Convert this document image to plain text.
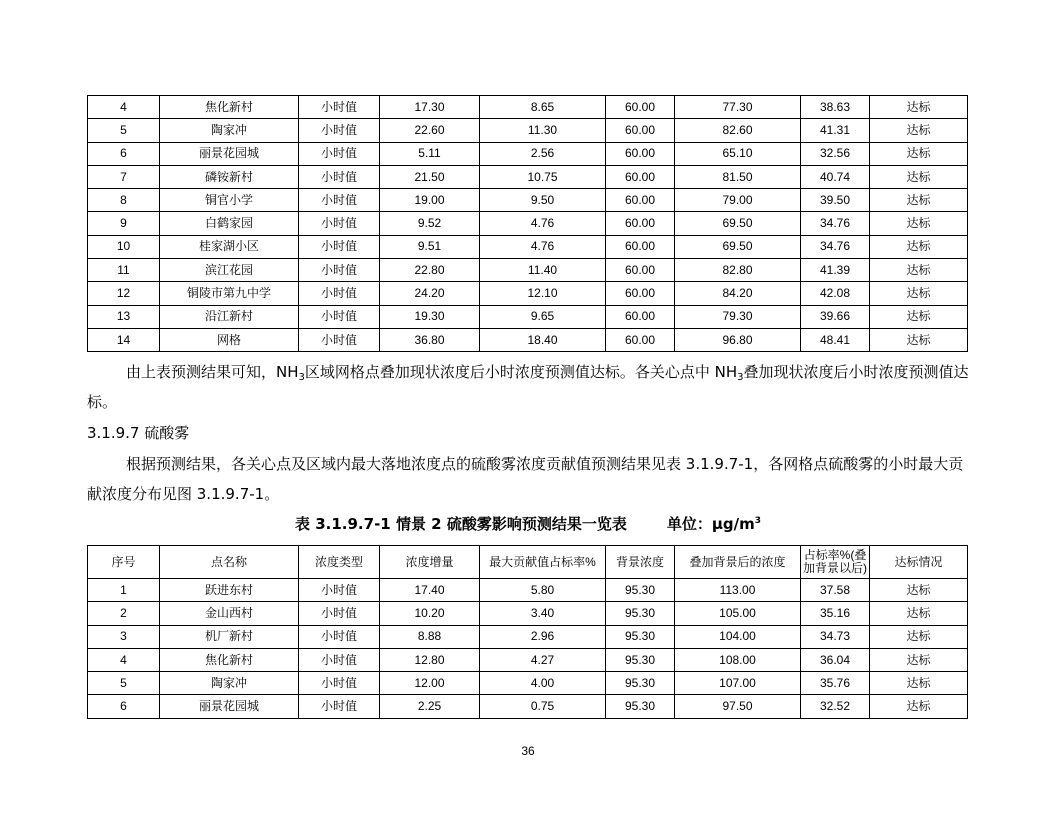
4	焦化新村	小时值	17.30	8.65	60.00	77.30	38.63	达标
5	陶家冲	小时值	22.60	11.30	60.00	82.60	41.31	达标
6	丽景花园城	小时值	5.11	2.56	60.00	65.10	32.56	达标
7	磷铵新村	小时值	21.50	10.75	60.00	81.50	40.74	达标
8	铜官小学	小时值	19.00	9.50	60.00	79.00	39.50	达标
9	白鹤家园	小时值	9.52	4.76	60.00	69.50	34.76	达标
10	桂家湖小区	小时值	9.51	4.76	60.00	69.50	34.76	达标
11	滨江花园	小时值	22.80	11.40	60.00	82.80	41.39	达标
12	铜陵市第九中学	小时值	24.20	12.10	60.00	84.20	42.08	达标
13	沿江新村	小时值	19.30	9.65	60.00	79.30	39.66	达标
14	网格	小时值	36.80	18.40	60.00	96.80	48.41	达标

由上表预测结果可知，$NH_3$区域网格点叠加现状浓度后小时浓度预测值达标。各关心点中 $NH_3$叠加现状浓度后小时浓度预测值达标。

3.1.9.7 硫酸雾

根据预测结果，各关心点及区域内最大落地浓度点的硫酸雾浓度贡献值预测结果见表 3.1.9.7-1，各网格点硫酸雾的小时最大贡献浓度分布见图 3.1.9.7-1。

表 3.1.9.7-1 情景 2 硫酸雾影响预测结果一览表	单位：$\mu g/m^3$
序号	点名称	浓度类型	浓度增量	最大贡献值占标率%	背景浓度	叠加背景后的浓度	占标率%(叠加背景以后)	达标情况
1	跃进东村	小时值	17.40	5.80	95.30	113.00	37.58	达标
2	金山西村	小时值	10.20	3.40	95.30	105.00	35.16	达标
3	机厂新村	小时值	8.88	2.96	95.30	104.00	34.73	达标
4	焦化新村	小时值	12.80	4.27	95.30	108.00	36.04	达标
5	陶家冲	小时值	12.00	4.00	95.30	107.00	35.76	达标
6	丽景花园城	小时值	2.25	0.75	95.30	97.50	32.52	达标
36
